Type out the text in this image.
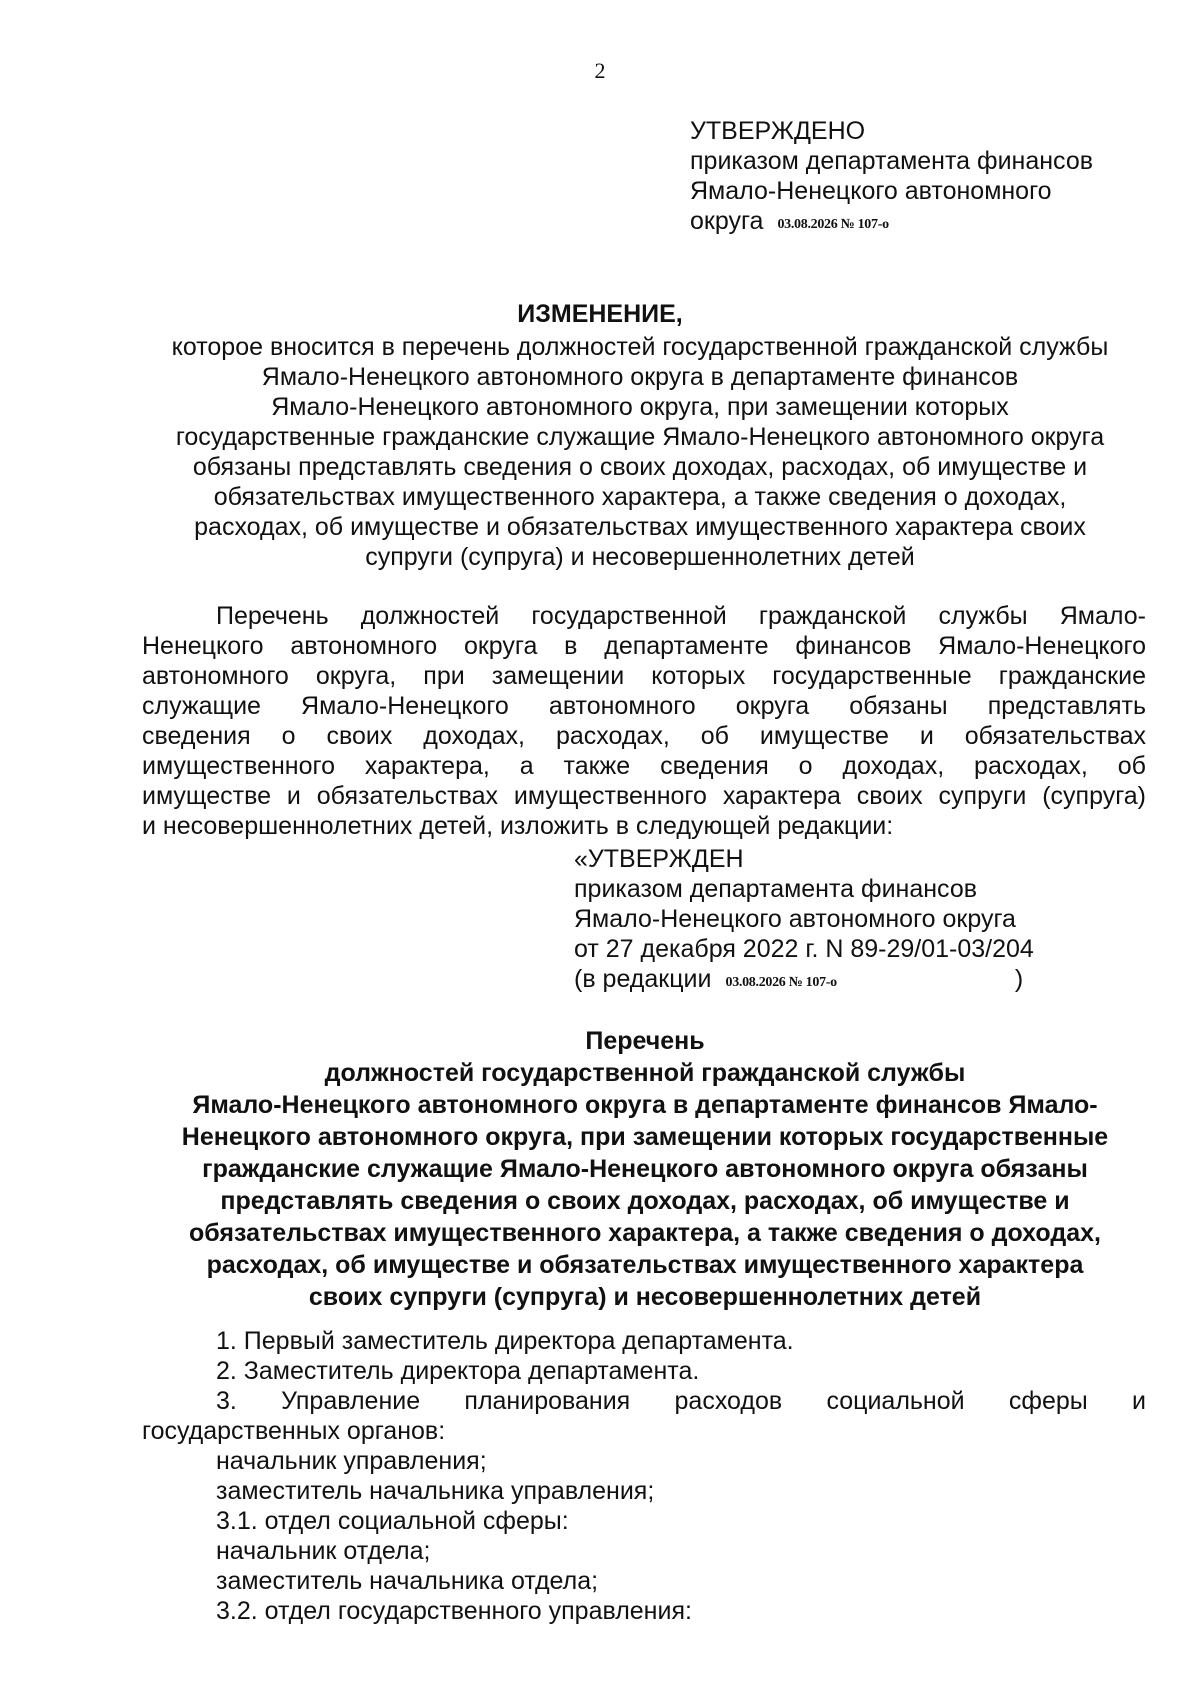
2
УТВЕРЖДЕНО
приказом департамента финансов
Ямало-Ненецкого автономного
округа 03.08.2026 № 107-о
ИЗМЕНЕНИЕ,
которое вносится в перечень должностей государственной гражданской службы
Ямало-Ненецкого автономного округа в департаменте финансов
Ямало-Ненецкого автономного округа, при замещении которых
государственные гражданские служащие Ямало-Ненецкого автономного округа
обязаны представлять сведения о своих доходах, расходах, об имуществе и
обязательствах имущественного характера, а также сведения о доходах,
расходах, об имуществе и обязательствах имущественного характера своих
супруги (супруга) и несовершеннолетних детей
Перечень должностей государственной гражданской службы Ямало-
Ненецкого автономного округа в департаменте финансов Ямало-Ненецкого
автономного округа, при замещении которых государственные гражданские
служащие Ямало-Ненецкого автономного округа обязаны представлять
сведения о своих доходах, расходах, об имуществе и обязательствах
имущественного характера, а также сведения о доходах, расходах, об
имуществе и обязательствах имущественного характера своих супруги (супруга)
и несовершеннолетних детей, изложить в следующей редакции:
«УТВЕРЖДЕН
приказом департамента финансов
Ямало-Ненецкого автономного округа
от 27 декабря 2022 г. N 89-29/01-03/204
(в редакции 03.08.2026 № 107-о	)
Перечень
должностей государственной гражданской службы
Ямало-Ненецкого автономного округа в департаменте финансов Ямало-
Ненецкого автономного округа, при замещении которых государственные
гражданские служащие Ямало-Ненецкого автономного округа обязаны
представлять сведения о своих доходах, расходах, об имуществе и
обязательствах имущественного характера, а также сведения о доходах,
расходах, об имуществе и обязательствах имущественного характера
своих супруги (супруга) и несовершеннолетних детей
1. Первый заместитель директора департамента.
2. Заместитель директора департамента.
3. Управление планирования расходов социальной сферы и
государственных органов:
начальник управления;
заместитель начальника управления;
3.1. отдел социальной сферы:
начальник отдела;
заместитель начальника отдела;
3.2. отдел государственного управления:
